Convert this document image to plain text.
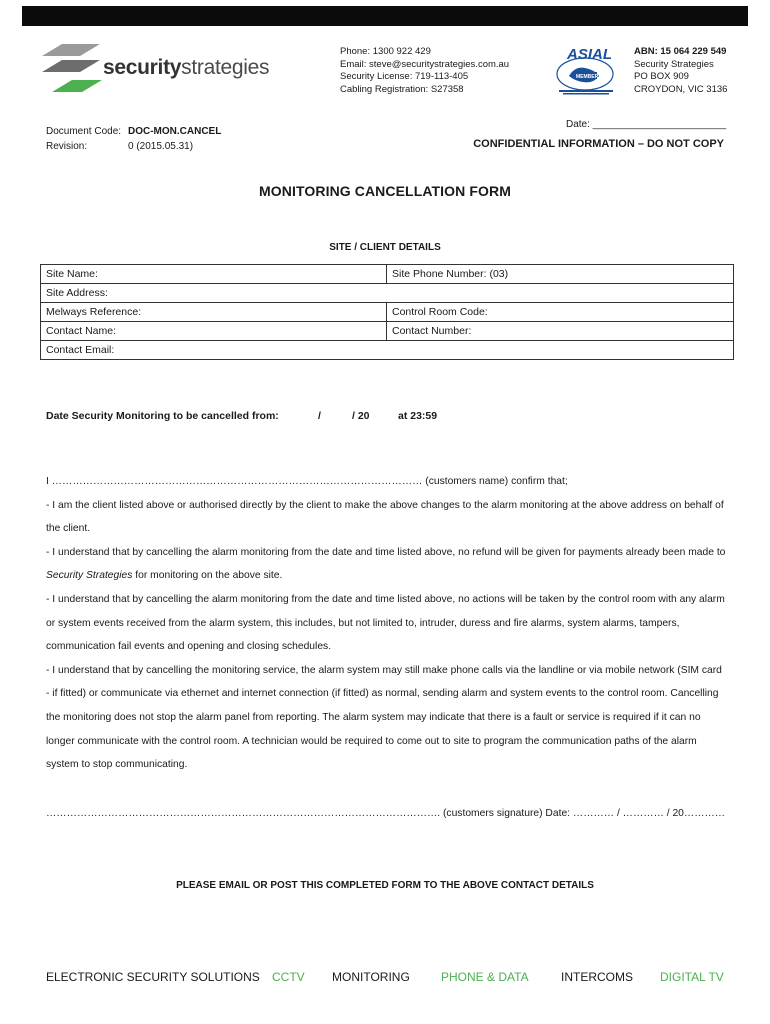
securitystrategies
Phone: 1300 922 429
Email: steve@securitystrategies.com.au
Security License: 719-113-405
Cabling Registration: S27358
ASIAL
MEMBER
ABN: 15 064 229 549
Security Strategies
PO BOX 909
CROYDON, VIC 3136
Document Code: DOC-MON.CANCEL
Revision:	0 (2015.05.31)
Date: ________________________
CONFIDENTIAL INFORMATION – DO NOT COPY
MONITORING CANCELLATION FORM
SITE / CLIENT DETAILS
Site Name:	Site Phone Number: (03)
Site Address:	
Melways Reference:	Control Room Code:
Contact Name:	Contact Number:
Contact Email:	
Date Security Monitoring to be cancelled from:	/	/ 20	at 23:59

I ……………………………………………………………………………………………… (customers name) confirm that;

- I am the client listed above or authorised directly by the client to make the above changes to the alarm monitoring at the above address on behalf of the client.

- I understand that by cancelling the alarm monitoring from the date and time listed above, no refund will be given for payments already been made to Security Strategies for monitoring on the above site.

- I understand that by cancelling the alarm monitoring from the date and time listed above, no actions will be taken by the control room with any alarm or system events received from the alarm system, this includes, but not limited to, intruder, duress and fire alarms, system alarms, tampers, communication fail events and opening and closing schedules.

- I understand that by cancelling the monitoring service, the alarm system may still make phone calls via the landline or via mobile network (SIM card - if fitted) or communicate via ethernet and internet connection (if fitted) as normal, sending alarm and system events to the control room. Cancelling the monitoring does not stop the alarm panel from reporting. The alarm system may indicate that there is a fault or service is required if it can no longer communicate with the control room. A technician would be required to come out to site to program the communication paths of the alarm system to stop communicating.

……………………………………………………………………………………………………. (customers signature) Date: ………… / ………… / 20…………
PLEASE EMAIL OR POST THIS COMPLETED FORM TO THE ABOVE CONTACT DETAILS
ELECTRONIC SECURITY SOLUTIONS CCTV MONITORING	PHONE & DATA	INTERCOMS DIGITAL TV
